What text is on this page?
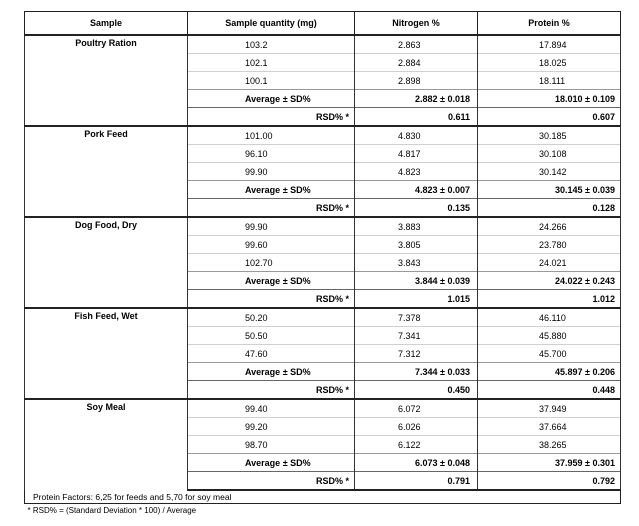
Sample	Sample quantity (mg)	Nitrogen %	Protein %
Poultry Ration	103.2	2.863	17.894
	102.1	2.884	18.025
	100.1	2.898	18.111
	Average ± SD%	2.882 ± 0.018	18.010 ± 0.109
	RSD% *	0.611	0.607
Pork Feed	101.00	4.830	30.185
	96.10	4.817	30.108
	99.90	4.823	30.142
	Average ± SD%	4.823 ± 0.007	30.145 ± 0.039
	RSD% *	0.135	0.128
Dog Food, Dry	99.90	3.883	24.266
	99.60	3.805	23.780
	102.70	3.843	24.021
	Average ± SD%	3.844 ± 0.039	24.022 ± 0.243
	RSD% *	1.015	1.012
Fish Feed, Wet	50.20	7.378	46.110
	50.50	7.341	45.880
	47.60	7.312	45.700
	Average ± SD%	7.344 ± 0.033	45.897 ± 0.206
	RSD% *	0.450	0.448
Soy Meal	99.40	6.072	37.949
	99.20	6.026	37.664
	98.70	6.122	38.265
	Average ± SD%	6.073 ± 0.048	37.959 ± 0.301
	RSD% *	0.791	0.792
Protein Factors: 6,25 for feeds and 5,70 for soy meal			
* RSD% = (Standard Deviation * 100) / Average			
